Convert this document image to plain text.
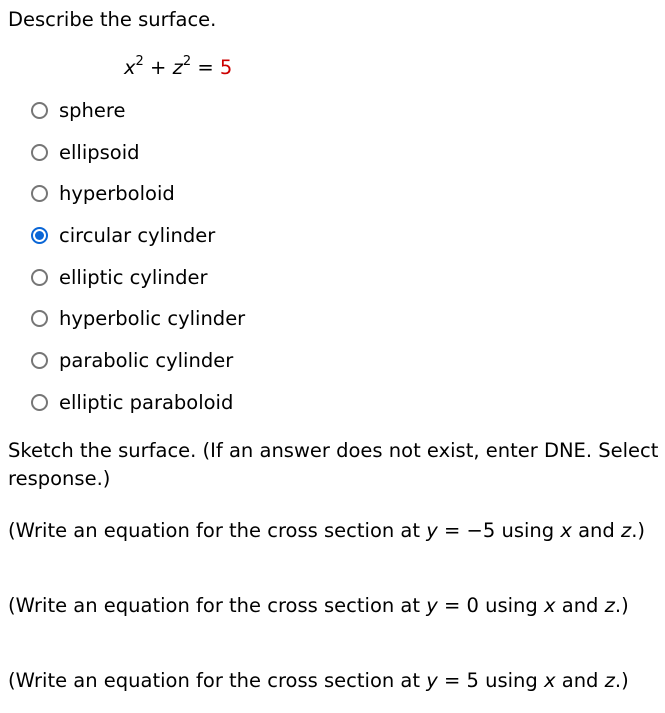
Describe the surface.
$x^2 + z^2 = 5$
sphere
ellipsoid
hyperboloid
circular cylinder
elliptic cylinder
hyperbolic cylinder
parabolic cylinder
elliptic paraboloid
Sketch the surface. (If an answer does not exist, enter DNE. Select
response.)
(Write an equation for the cross section at y = −5 using x and z.)
(Write an equation for the cross section at y = 0 using x and z.)
(Write an equation for the cross section at y = 5 using x and z.)
